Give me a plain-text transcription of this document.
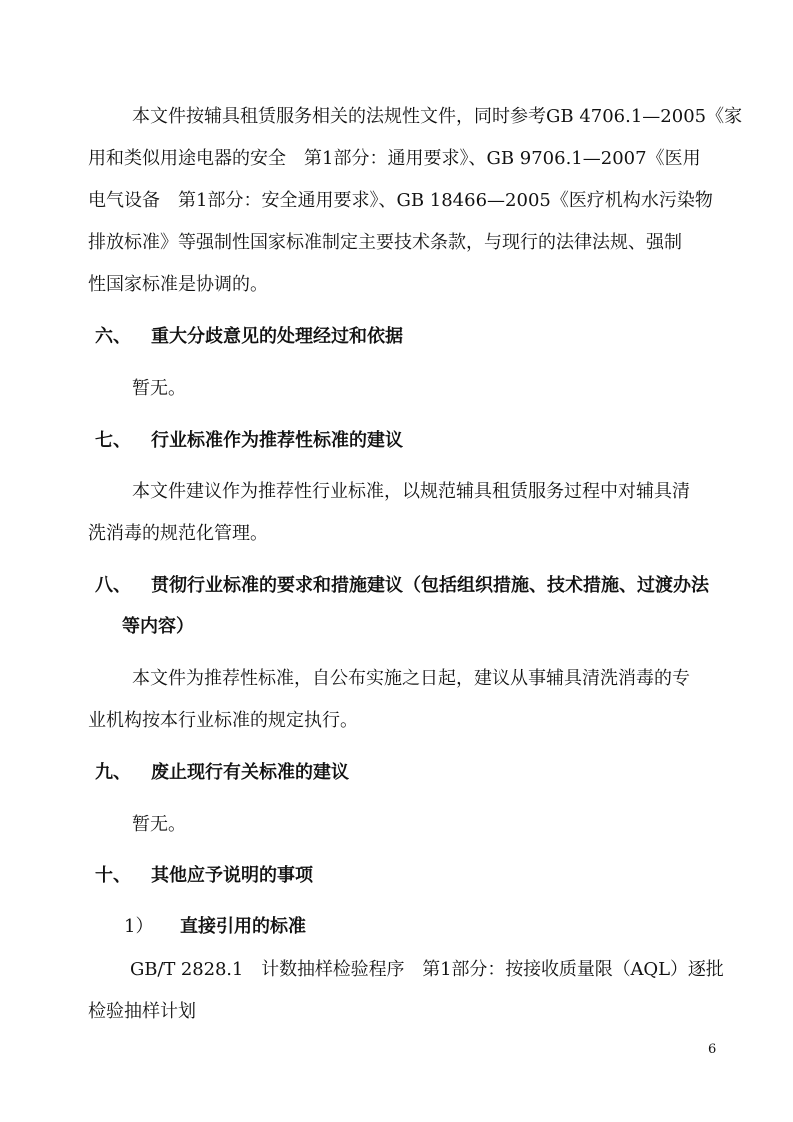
本文件按辅具租赁服务相关的法规性文件，同时参考GB 4706.1—2005《家
用和类似用途电器的安全　第1部分：通用要求》、GB 9706.1—2007《医用
电气设备　第1部分：安全通用要求》、GB 18466—2005《医疗机构水污染物
排放标准》等强制性国家标准制定主要技术条款，与现行的法律法规、强制
性国家标准是协调的。
六、 重大分歧意见的处理经过和依据
暂无。
七、 行业标准作为推荐性标准的建议
本文件建议作为推荐性行业标准，以规范辅具租赁服务过程中对辅具清
洗消毒的规范化管理。
八、 贯彻行业标准的要求和措施建议（包括组织措施、技术措施、过渡办法
等内容）
本文件为推荐性标准，自公布实施之日起，建议从事辅具清洗消毒的专
业机构按本行业标准的规定执行。
九、 废止现行有关标准的建议
暂无。
十、 其他应予说明的事项
1） 直接引用的标准
GB/T 2828.1　计数抽样检验程序　第1部分：按接收质量限（AQL）逐批
检验抽样计划
6
